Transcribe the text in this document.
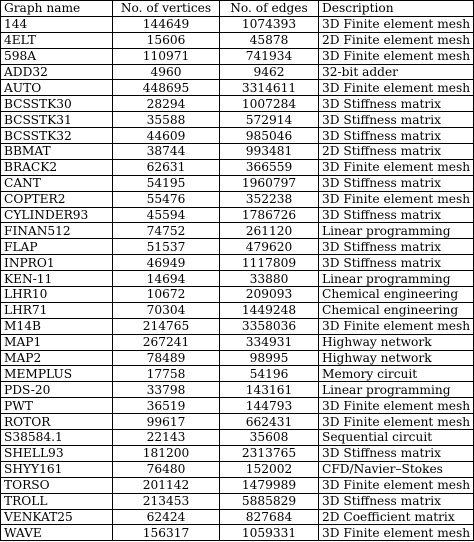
Graph name	No. of vertices	No. of edges	Description
144	144649	1074393	3D Finite element mesh
4ELT	15606	45878	2D Finite element mesh
598A	110971	741934	3D Finite element mesh
ADD32	4960	9462	32-bit adder
AUTO	448695	3314611	3D Finite element mesh
BCSSTK30	28294	1007284	3D Stiffness matrix
BCSSTK31	35588	572914	3D Stiffness matrix
BCSSTK32	44609	985046	3D Stiffness matrix
BBMAT	38744	993481	2D Stiffness matrix
BRACK2	62631	366559	3D Finite element mesh
CANT	54195	1960797	3D Stiffness matrix
COPTER2	55476	352238	3D Finite element mesh
CYLINDER93	45594	1786726	3D Stiffness matrix
FINAN512	74752	261120	Linear programming
FLAP	51537	479620	3D Stiffness matrix
INPRO1	46949	1117809	3D Stiffness matrix
KEN-11	14694	33880	Linear programming
LHR10	10672	209093	Chemical engineering
LHR71	70304	1449248	Chemical engineering
M14B	214765	3358036	3D Finite element mesh
MAP1	267241	334931	Highway network
MAP2	78489	98995	Highway network
MEMPLUS	17758	54196	Memory circuit
PDS-20	33798	143161	Linear programming
PWT	36519	144793	3D Finite element mesh
ROTOR	99617	662431	3D Finite element mesh
S38584.1	22143	35608	Sequential circuit
SHELL93	181200	2313765	3D Stiffness matrix
SHYY161	76480	152002	CFD/Navier–Stokes
TORSO	201142	1479989	3D Finite element mesh
TROLL	213453	5885829	3D Stiffness matrix
VENKAT25	62424	827684	2D Coefficient matrix
WAVE	156317	1059331	3D Finite element mesh
